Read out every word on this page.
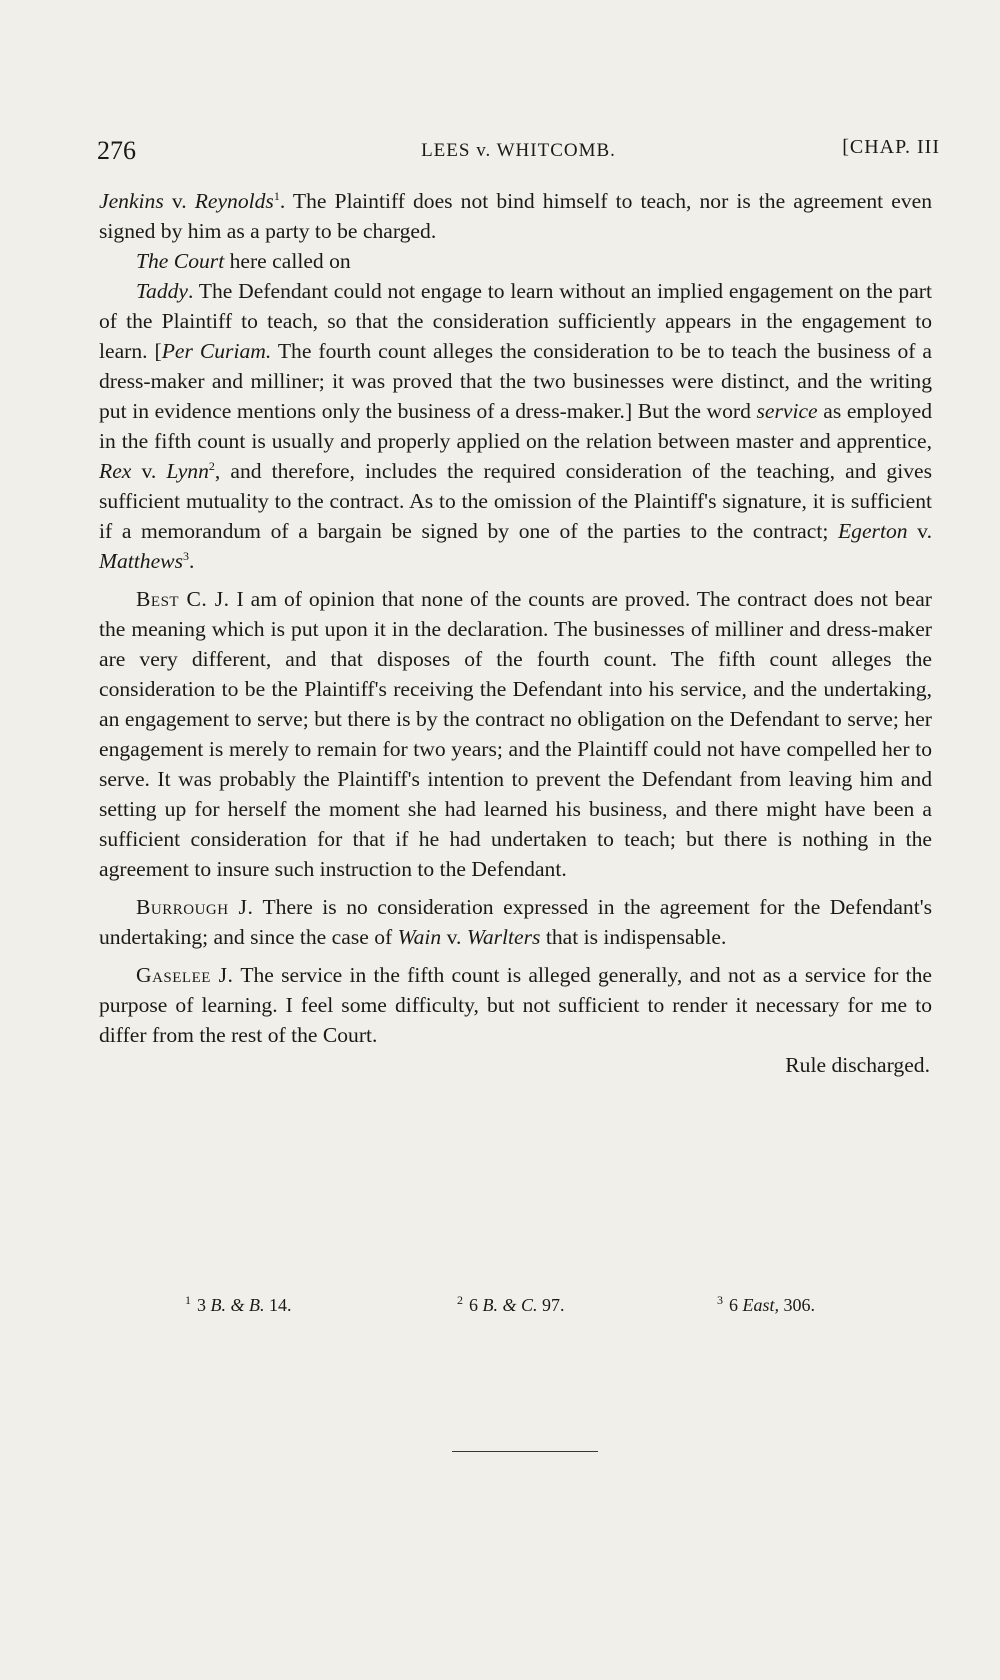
276	LEES v. WHITCOMB.	[CHAP. III

Jenkins v. Reynolds$^1$. The Plaintiff does not bind himself to teach, nor is the agreement even signed by him as a party to be charged.

The Court here called on

Taddy. The Defendant could not engage to learn without an implied engagement on the part of the Plaintiff to teach, so that the consideration sufficiently appears in the engagement to learn. [Per Curiam. The fourth count alleges the consideration to be to teach the business of a dress-maker and milliner; it was proved that the two businesses were distinct, and the writing put in evidence mentions only the business of a dress-maker.] But the word service as employed in the fifth count is usually and properly applied on the relation between master and apprentice, Rex v. Lynn$^2$, and therefore, includes the required consideration of the teaching, and gives sufficient mutuality to the contract. As to the omission of the Plaintiff's signature, it is sufficient if a memorandum of a bargain be signed by one of the parties to the contract; Egerton v. Matthews$^3$.

Best C. J. I am of opinion that none of the counts are proved. The contract does not bear the meaning which is put upon it in the declaration. The businesses of milliner and dress-maker are very different, and that disposes of the fourth count. The fifth count alleges the consideration to be the Plaintiff's receiving the Defendant into his service, and the undertaking, an engagement to serve; but there is by the contract no obligation on the Defendant to serve; her engagement is merely to remain for two years; and the Plaintiff could not have compelled her to serve. It was probably the Plaintiff's intention to prevent the Defendant from leaving him and setting up for herself the moment she had learned his business, and there might have been a sufficient consideration for that if he had undertaken to teach; but there is nothing in the agreement to insure such instruction to the Defendant.

Burrough J. There is no consideration expressed in the agreement for the Defendant's undertaking; and since the case of Wain v. Warlters that is indispensable.

Gaselee J. The service in the fifth count is alleged generally, and not as a service for the purpose of learning. I feel some difficulty, but not sufficient to render it necessary for me to differ from the rest of the Court.

Rule discharged.

$^1$ 3 B. & B. 14.	$^2$ 6 B. & C. 97.	$^3$ 6 East, 306.
